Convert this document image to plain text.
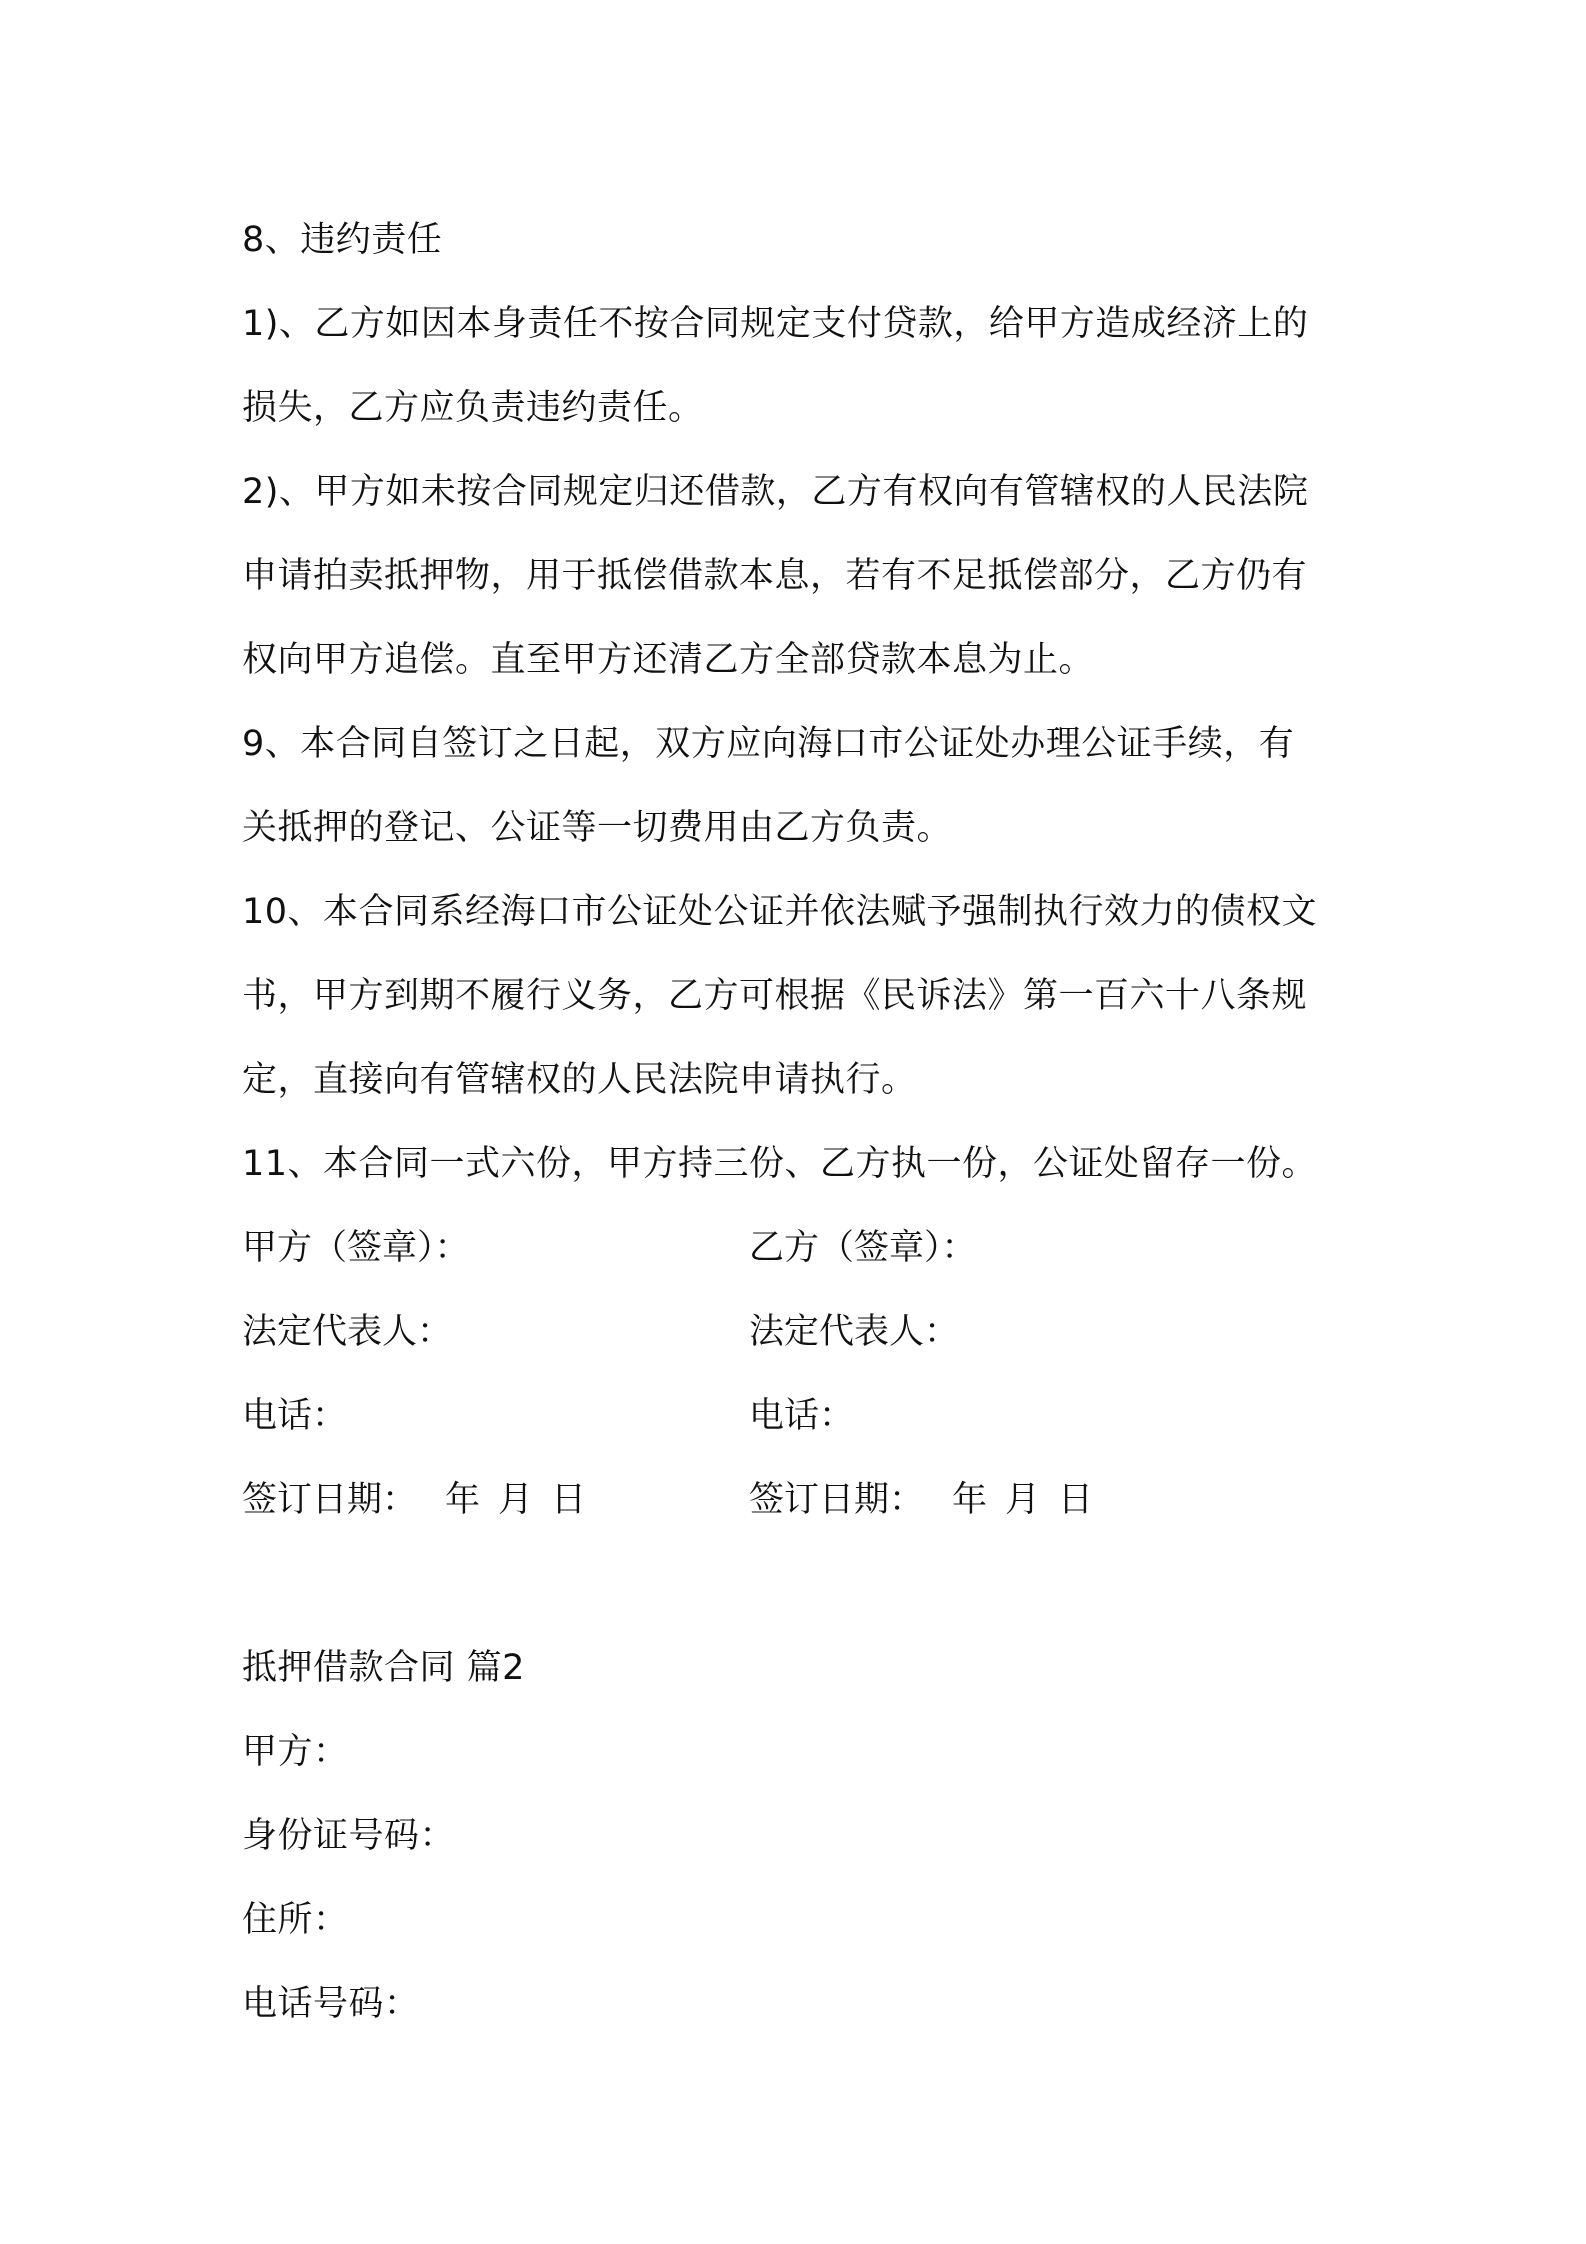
8、违约责任
1)、乙方如因本身责任不按合同规定支付贷款，给甲方造成经济上的
损失，乙方应负责违约责任。
2)、甲方如未按合同规定归还借款，乙方有权向有管辖权的人民法院
申请拍卖抵押物，用于抵偿借款本息，若有不足抵偿部分，乙方仍有
权向甲方追偿。直至甲方还清乙方全部贷款本息为止。
9、本合同自签订之日起，双方应向海口市公证处办理公证手续，有
关抵押的登记、公证等一切费用由乙方负责。
10、本合同系经海口市公证处公证并依法赋予强制执行效力的债权文
书，甲方到期不履行义务，乙方可根据《民诉法》第一百六十八条规
定，直接向有管辖权的人民法院申请执行。
11、本合同一式六份，甲方持三份、乙方执一份，公证处留存一份。
甲方（签章）：	乙方（签章）：
法定代表人：	法定代表人：
电话：	电话：
签订日期： 年 月 日	签订日期： 年 月 日
抵押借款合同 篇2
甲方：
身份证号码：
住所：
电话号码：
